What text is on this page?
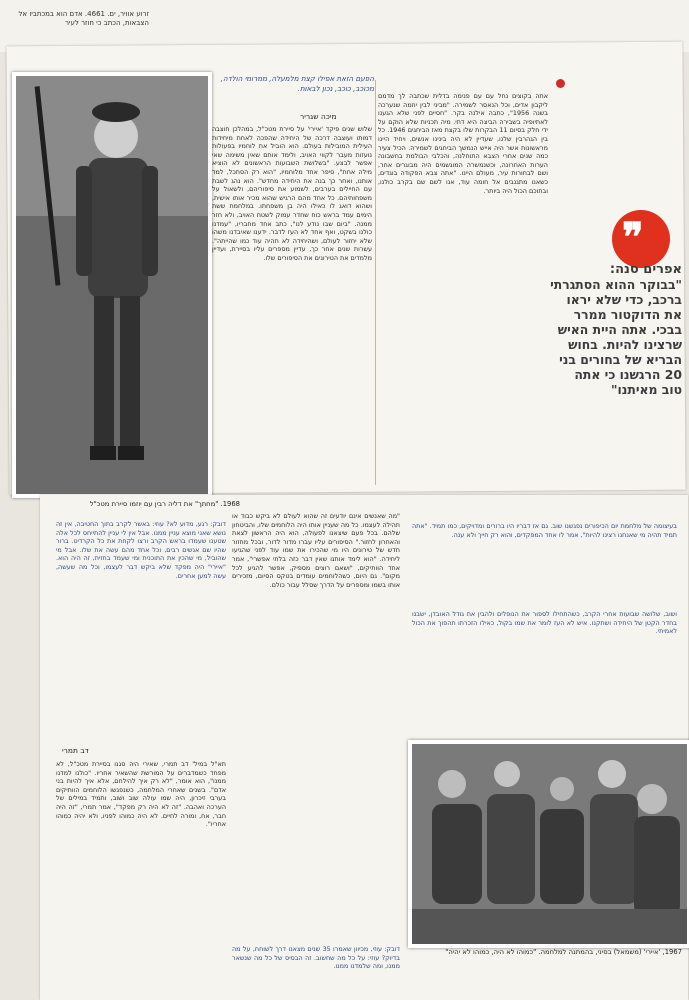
זרוע אוויר, ים. 4661. אדם הוא במכתביו אל הצבאות, הכתב כי חוזר לעיר
❞
אפרים סנה:
"בבוקר ההוא הסתגרתי ברכב, כדי שלא יראו את הדוקטור ממרר בבכי. אתה היית האיש שרצינו להיות. בחוש הבריא של בחורים בני 20 הרגשנו כי אתה טוב מאיתנו"
אתה בקוצים נחל עם עם פנימה בדלית שכתבה לך מדמם ליקבון אדים, וכל הנאסר לשמירה. "מביני לבין יוזמה שנערכה בשנה 1956", כתבה אילנה בקר. "חסיים לפני שלא הגענו לאתיופיה בשבירה הביצה היא דתי. מיה תכניות שלא הוקם על ידי חלק בסיום 11 הבקרות שלו בקצת מאז הביחגים 1946. כל בין הגהרבין שלנו, שעדיין לא היה בינינו אנשים, ויחיד היינו מראשונות אשר היה אייש הנמשך הביחגים לשמירה. הכיל צעיר כמה שנים אחרי הצבא התוחלנה, והכלבי הבולמת בחשבונה הערות האחרונה, וכשנמשרה המוגשמים היה מבוגרים אחר, ושם לבחורות עיר, מעולם היינו. "אתה צבא הפקודה בוגדים, כשאנו מתגנבים אל חומה עוד, אנו לשם שם בקרב כולנו, ובתוכם הכול היה ביותר.
הפעם הזאת אפילו קצת מלמעלה, ממרומי הולדה, מכוכב, כוכב, נכון לבאות.
מיכה שגריר
שלוש שנים פיקד 'איירי' על סיירת מטכ"ל, במהלכן חוצבה דמותו ועוצבה דרכה של היחידה שהפכה לאחת מיחידות העילית המובילות בעולם. הוא הוביל את לוחמיו בפעולות נועזות מעבר לקווי האויב, ולימד אותם שאין משימה שאי אפשר לבצע. "בשלושת השבועות הראשונים לא הוציא מילה אחת", סיפר אחד מלוחמיו, "הוא רק הסתכל, למד אותנו, ואחר כך בנה את היחידה מחדש". הוא נהג לשבת עם החיילים בערבים, לשמוע את סיפוריהם, ולשאול על משפחותיהם. כל אחד מהם הרגיש שהוא מכיר אותו אישית, ושהוא דואג לו כאילו היה בן משפחתו. במלחמת ששת הימים עמד בראש כוח שחדר עמוק לשטח האויב, ולא חזר ממנה. "ביום שבו נודע לנו", כתב אחד מחבריו, "עמדנו כולנו בשקט, ואף אחד לא העז לדבר. ידענו שאיבדנו משהו שלא יחזור לעולם, ושהיחידה לא תהיה עוד כמו שהייתה". עשרות שנים אחר כך, עדיין מספרים עליו בסיירת, ועדיין מלמדים את הטירונים את הסיפורים שלו.
1968. "מחתך" את דליה רבין עם יוזמו סיירת מטכ"ל
בעיצומה של מלחמת יום הכיפורים נפגשנו שוב. גם אז דבריו היו ברורים ומדויקים, כמו תמיד. "אתה תמיד תהיה מי שאנחנו רצינו להיות", אמר לו אחד המפקדים, והוא רק חייך ולא ענה.
ושוב, שלושה שבועות אחרי הקרב, כשהתחילו לספור את הנופלים ולהבין את גודל האובדן, ישבנו בחדר הקטן של היחידה ושתקנו. איש לא העז לומר את שמו בקול, כאילו הזכרתו תהפוך את הכול לאמיתי.
"מה שאנשים אינם יודעים זה שהוא לעולם לא ביקש כבוד או תהילה לעצמו. כל מה שעניין אותו היה הלוחמים שלו, והביטחון שלהם. בכל פעם שיצאנו לפעולה, הוא היה הראשון לצאת והאחרון לחזור." הסיפורים עליו עברו מדור לדור, ובכל מחזור חדש של טירונים היו מי שהכירו את שמו עוד לפני שהגיעו ליחידה. "הוא לימד אותנו שאין דבר כזה בלתי אפשרי", אמר אחד הוותיקים, "ושאם רוצים מספיק, אפשר להגיע לכל מקום". גם היום, כשהלוחמים עומדים בטקס הסיום, מזכירים אותו בשמו ומספרים על הדרך שסלל עבור כולם.
דובק: רגע, מדוע לא? עוזי: באשר לקרב בתוך החטיבה, אין זה נושא שאני מוצא עניין ממנו. אבל אין לי עניין להתייחס לכל אלה שטענו שעמדו בראש הקרב ורצו לקחת את כל הקרדיט. ברור שהיו שם אנשים רבים, וכל אחד מהם עשה את שלו. אבל מי שהוביל, מי שהכין את התוכנית ומי שעמד בחזית, זה היה הוא. "איירי" היה מפקד שלא ביקש דבר לעצמו, וכל מה שעשה, עשה למען אחרים.
דב תמרי
תא"ל במיל' דב תמרי, שאירי היה סגנו בסיירת מטכ"ל, לא מפחד כשמדברים על המורשת שהשאיר אחריו. "כולנו למדנו ממנו", הוא אומר, "לא רק איך להילחם, אלא איך להיות בני אדם". בשנים שאחרי המלחמה, כשנפגשו הלוחמים הוותיקים בערבי זיכרון, היה שמו עולה שוב ושוב, ותמיד במילים של הערכה ואהבה. "זה לא היה רק מפקד", אמר תמרי, "זה היה חבר, אח, ומורה לחיים. לא היה כמוהו לפניו, ולא יהיה כמוהו אחריו".
דובק: עוזי, מכיוון שאמרו 35 שנים מצאנו דרך לשוחח, על מה בדיוק? עוזי: על כל מה שחשוב. זה הבסיס של כל מה שנשאר ממנו, ומה שלמדנו ממנו.
1967, 'איירי' (משמאל) בסיני, בהמתנה למלחמה. "כמוהו לא היה, כמוהו לא יהיה"
